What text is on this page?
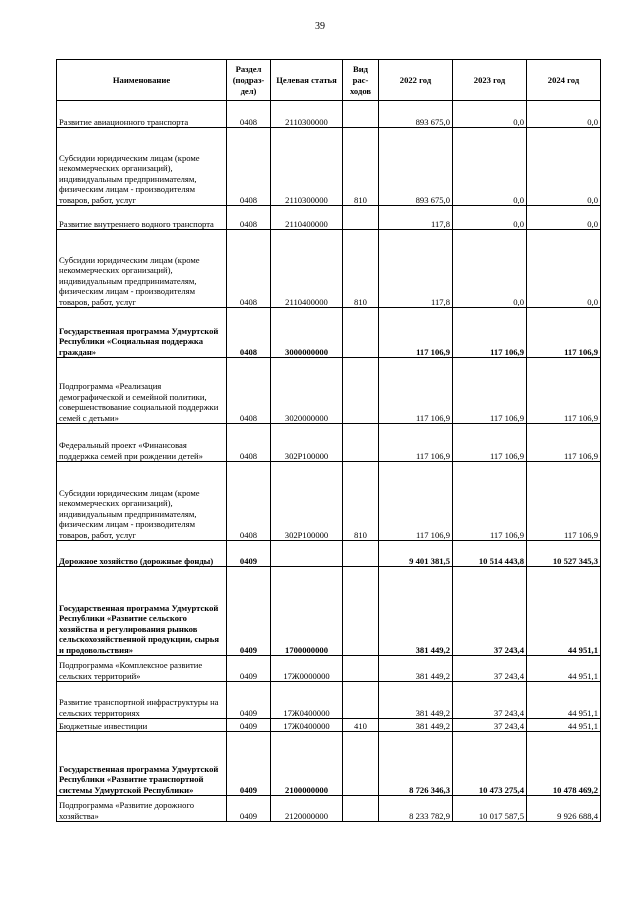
39
Наименование	Раздел (подраз-дел)	Целевая статья	Вид рас-ходов	2022 год	2023 год	2024 год
Развитие авиационного транспорта	0408	2110300000		893 675,0	0,0	0,0
Субсидии юридическим лицам (кроме некоммерческих организаций), индивидуальным предпринимателям, физическим лицам - производителям товаров, работ, услуг	0408	2110300000	810	893 675,0	0,0	0,0
Развитие внутреннего водного транспорта	0408	2110400000		117,8	0,0	0,0
Субсидии юридическим лицам (кроме некоммерческих организаций), индивидуальным предпринимателям, физическим лицам - производителям товаров, работ, услуг	0408	2110400000	810	117,8	0,0	0,0
Государственная программа Удмуртской Республики «Социальная поддержка граждан»	0408	3000000000		117 106,9	117 106,9	117 106,9
Подпрограмма «Реализация демографической и семейной политики, совершенствование социальной поддержки семей с детьми»	0408	3020000000		117 106,9	117 106,9	117 106,9
Федеральный проект «Финансовая поддержка семей при рождении детей»	0408	302P100000		117 106,9	117 106,9	117 106,9
Субсидии юридическим лицам (кроме некоммерческих организаций), индивидуальным предпринимателям, физическим лицам - производителям товаров, работ, услуг	0408	302P100000	810	117 106,9	117 106,9	117 106,9
Дорожное хозяйство (дорожные фонды)	0409			9 401 381,5	10 514 443,8	10 527 345,3
Государственная программа Удмуртской Республики «Развитие сельского хозяйства и регулирования рынков сельскохозяйственной продукции, сырья и продовольствия»	0409	1700000000		381 449,2	37 243,4	44 951,1
Подпрограмма «Комплексное развитие сельских территорий»	0409	17Ж0000000		381 449,2	37 243,4	44 951,1
Развитие транспортной инфраструктуры на сельских территориях	0409	17Ж0400000		381 449,2	37 243,4	44 951,1
Бюджетные инвестиции	0409	17Ж0400000	410	381 449,2	37 243,4	44 951,1
Государственная программа Удмуртской Республики «Развитие транспортной системы Удмуртской Республики»	0409	2100000000		8 726 346,3	10 473 275,4	10 478 469,2
Подпрограмма «Развитие дорожного хозяйства»	0409	2120000000		8 233 782,9	10 017 587,5	9 926 688,4
